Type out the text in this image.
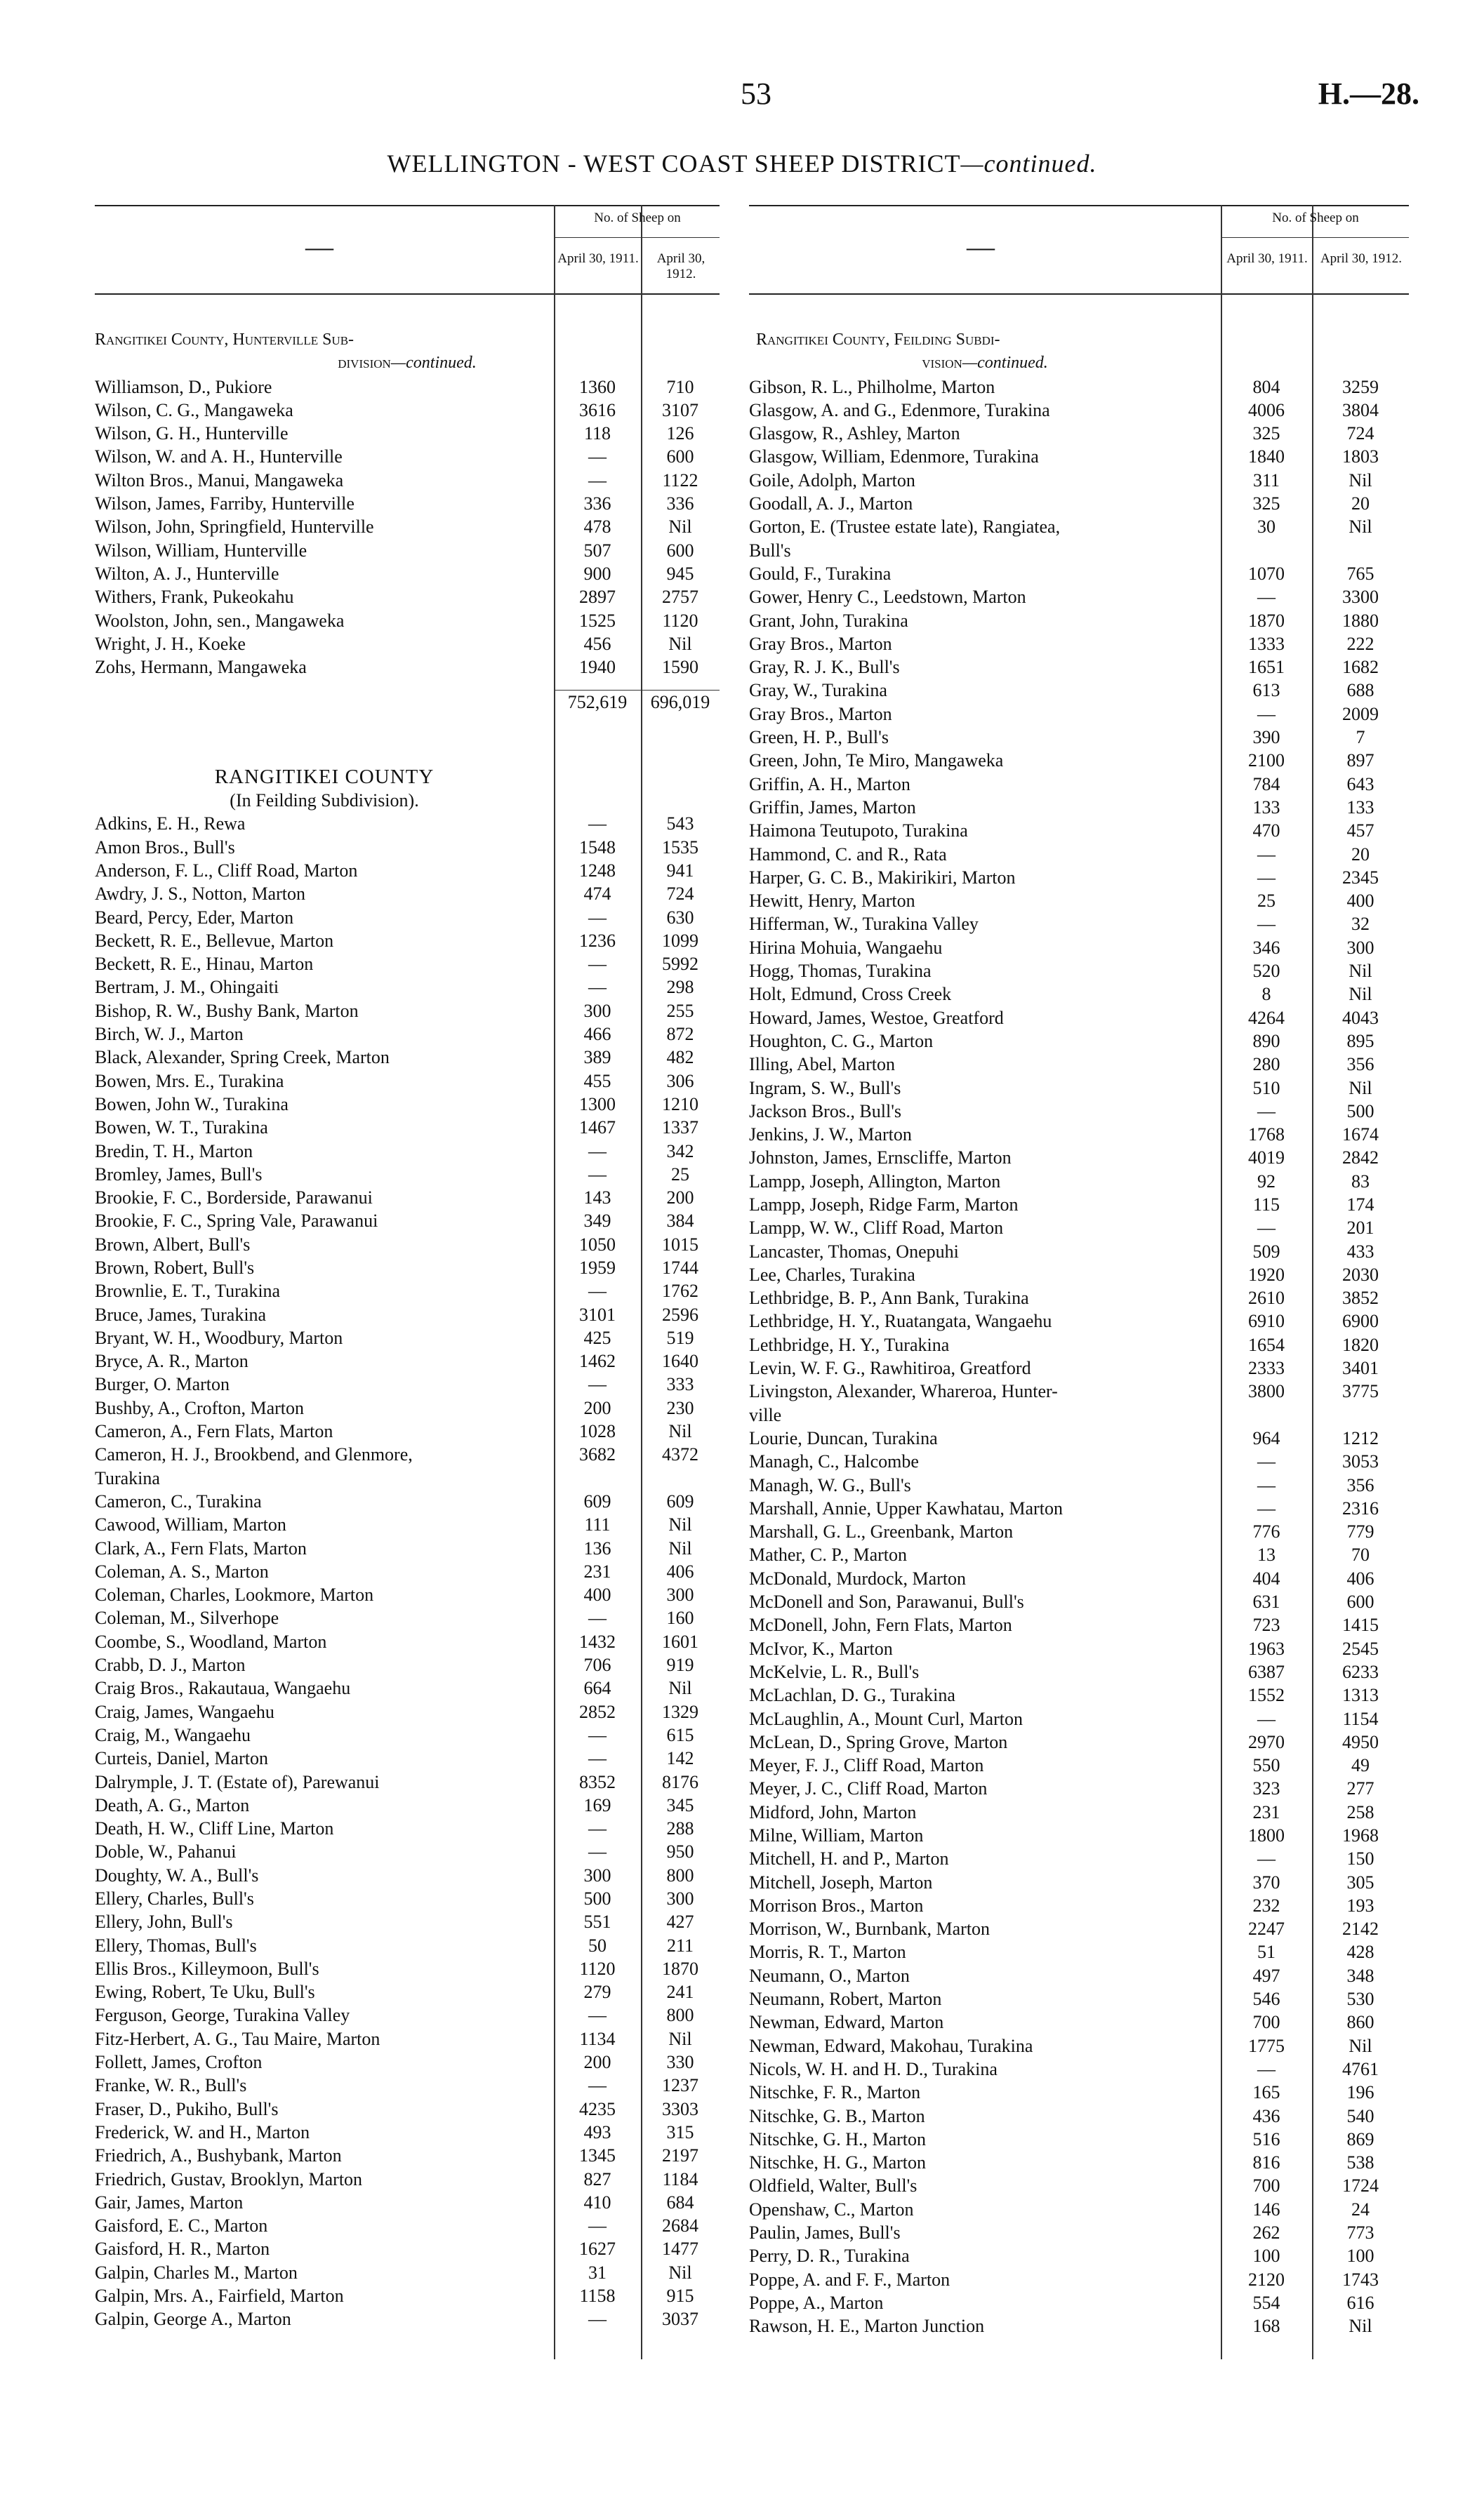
53	H.—28.
WELLINGTON - WEST COAST SHEEP DISTRICT—continued.
—
No. of Sheep on
April 30, 1911.	April 30, 1912.
Rangitikei County, Hunterville Sub-
division—continued.
Williamson, D., Pukiore	1360	710
Wilson, C. G., Mangaweka	3616	3107
Wilson, G. H., Hunterville	118	126
Wilson, W. and A. H., Hunterville	—	600
Wilton Bros., Manui, Mangaweka	—	1122
Wilson, James, Farriby, Hunterville	336	336
Wilson, John, Springfield, Hunterville	478	Nil
Wilson, William, Hunterville	507	600
Wilton, A. J., Hunterville	900	945
Withers, Frank, Pukeokahu	2897	2757
Woolston, John, sen., Mangaweka	1525	1120
Wright, J. H., Koeke	456	Nil
Zohs, Hermann, Mangaweka	1940	1590
752,619	696,019
RANGITIKEI COUNTY
(In Feilding Subdivision).
Adkins, E. H., Rewa	—	543
Amon Bros., Bull's	1548	1535
Anderson, F. L., Cliff Road, Marton	1248	941
Awdry, J. S., Notton, Marton	474	724
Beard, Percy, Eder, Marton	—	630
Beckett, R. E., Bellevue, Marton	1236	1099
Beckett, R. E., Hinau, Marton	—	5992
Bertram, J. M., Ohingaiti	—	298
Bishop, R. W., Bushy Bank, Marton	300	255
Birch, W. J., Marton	466	872
Black, Alexander, Spring Creek, Marton	389	482
Bowen, Mrs. E., Turakina	455	306
Bowen, John W., Turakina	1300	1210
Bowen, W. T., Turakina	1467	1337
Bredin, T. H., Marton	—	342
Bromley, James, Bull's	—	25
Brookie, F. C., Borderside, Parawanui	143	200
Brookie, F. C., Spring Vale, Parawanui	349	384
Brown, Albert, Bull's	1050	1015
Brown, Robert, Bull's	1959	1744
Brownlie, E. T., Turakina	—	1762
Bruce, James, Turakina	3101	2596
Bryant, W. H., Woodbury, Marton	425	519
Bryce, A. R., Marton	1462	1640
Burger, O. Marton	—	333
Bushby, A., Crofton, Marton	200	230
Cameron, A., Fern Flats, Marton	1028	Nil
Cameron, H. J., Brookbend, and Glenmore,	3682	4372
Turakina
Cameron, C., Turakina	609	609
Cawood, William, Marton	111	Nil
Clark, A., Fern Flats, Marton	136	Nil
Coleman, A. S., Marton	231	406
Coleman, Charles, Lookmore, Marton	400	300
Coleman, M., Silverhope	—	160
Coombe, S., Woodland, Marton	1432	1601
Crabb, D. J., Marton	706	919
Craig Bros., Rakautaua, Wangaehu	664	Nil
Craig, James, Wangaehu	2852	1329
Craig, M., Wangaehu	—	615
Curteis, Daniel, Marton	—	142
Dalrymple, J. T. (Estate of), Parewanui	8352	8176
Death, A. G., Marton	169	345
Death, H. W., Cliff Line, Marton	—	288
Doble, W., Pahanui	—	950
Doughty, W. A., Bull's	300	800
Ellery, Charles, Bull's	500	300
Ellery, John, Bull's	551	427
Ellery, Thomas, Bull's	50	211
Ellis Bros., Killeymoon, Bull's	1120	1870
Ewing, Robert, Te Uku, Bull's	279	241
Ferguson, George, Turakina Valley	—	800
Fitz-Herbert, A. G., Tau Maire, Marton	1134	Nil
Follett, James, Crofton	200	330
Franke, W. R., Bull's	—	1237
Fraser, D., Pukiho, Bull's	4235	3303
Frederick, W. and H., Marton	493	315
Friedrich, A., Bushybank, Marton	1345	2197
Friedrich, Gustav, Brooklyn, Marton	827	1184
Gair, James, Marton	410	684
Gaisford, E. C., Marton	—	2684
Gaisford, H. R., Marton	1627	1477
Galpin, Charles M., Marton	31	Nil
Galpin, Mrs. A., Fairfield, Marton	1158	915
Galpin, George A., Marton	—	3037
—
No. of Sheep on
April 30, 1911. April 30, 1912.
Rangitikei County, Feilding Subdi-
vision—continued.
Gibson, R. L., Philholme, Marton	804	3259
Glasgow, A. and G., Edenmore, Turakina	4006	3804
Glasgow, R., Ashley, Marton	325	724
Glasgow, William, Edenmore, Turakina	1840	1803
Goile, Adolph, Marton	311	Nil
Goodall, A. J., Marton	325	20
Gorton, E. (Trustee estate late), Rangiatea,	30	Nil
Bull's
Gould, F., Turakina	1070	765
Gower, Henry C., Leedstown, Marton	—	3300
Grant, John, Turakina	1870	1880
Gray Bros., Marton	1333	222
Gray, R. J. K., Bull's	1651	1682
Gray, W., Turakina	613	688
Gray Bros., Marton	—	2009
Green, H. P., Bull's	390	7
Green, John, Te Miro, Mangaweka	2100	897
Griffin, A. H., Marton	784	643
Griffin, James, Marton	133	133
Haimona Teutupoto, Turakina	470	457
Hammond, C. and R., Rata	—	20
Harper, G. C. B., Makirikiri, Marton	—	2345
Hewitt, Henry, Marton	25	400
Hifferman, W., Turakina Valley	—	32
Hirina Mohuia, Wangaehu	346	300
Hogg, Thomas, Turakina	520	Nil
Holt, Edmund, Cross Creek	8	Nil
Howard, James, Westoe, Greatford	4264	4043
Houghton, C. G., Marton	890	895
Illing, Abel, Marton	280	356
Ingram, S. W., Bull's	510	Nil
Jackson Bros., Bull's	—	500
Jenkins, J. W., Marton	1768	1674
Johnston, James, Ernscliffe, Marton	4019	2842
Lampp, Joseph, Allington, Marton	92	83
Lampp, Joseph, Ridge Farm, Marton	115	174
Lampp, W. W., Cliff Road, Marton	—	201
Lancaster, Thomas, Onepuhi	509	433
Lee, Charles, Turakina	1920	2030
Lethbridge, B. P., Ann Bank, Turakina	2610	3852
Lethbridge, H. Y., Ruatangata, Wangaehu	6910	6900
Lethbridge, H. Y., Turakina	1654	1820
Levin, W. F. G., Rawhitiroa, Greatford	2333	3401
Livingston, Alexander, Whareroa, Hunter-	3800	3775
ville
Lourie, Duncan, Turakina	964	1212
Managh, C., Halcombe	—	3053
Managh, W. G., Bull's	—	356
Marshall, Annie, Upper Kawhatau, Marton	—	2316
Marshall, G. L., Greenbank, Marton	776	779
Mather, C. P., Marton	13	70
McDonald, Murdock, Marton	404	406
McDonell and Son, Parawanui, Bull's	631	600
McDonell, John, Fern Flats, Marton	723	1415
McIvor, K., Marton	1963	2545
McKelvie, L. R., Bull's	6387	6233
McLachlan, D. G., Turakina	1552	1313
McLaughlin, A., Mount Curl, Marton	—	1154
McLean, D., Spring Grove, Marton	2970	4950
Meyer, F. J., Cliff Road, Marton	550	49
Meyer, J. C., Cliff Road, Marton	323	277
Midford, John, Marton	231	258
Milne, William, Marton	1800	1968
Mitchell, H. and P., Marton	—	150
Mitchell, Joseph, Marton	370	305
Morrison Bros., Marton	232	193
Morrison, W., Burnbank, Marton	2247	2142
Morris, R. T., Marton	51	428
Neumann, O., Marton	497	348
Neumann, Robert, Marton	546	530
Newman, Edward, Marton	700	860
Newman, Edward, Makohau, Turakina	1775	Nil
Nicols, W. H. and H. D., Turakina	—	4761
Nitschke, F. R., Marton	165	196
Nitschke, G. B., Marton	436	540
Nitschke, G. H., Marton	516	869
Nitschke, H. G., Marton	816	538
Oldfield, Walter, Bull's	700	1724
Openshaw, C., Marton	146	24
Paulin, James, Bull's	262	773
Perry, D. R., Turakina	100	100
Poppe, A. and F. F., Marton	2120	1743
Poppe, A., Marton	554	616
Rawson, H. E., Marton Junction	168	Nil
